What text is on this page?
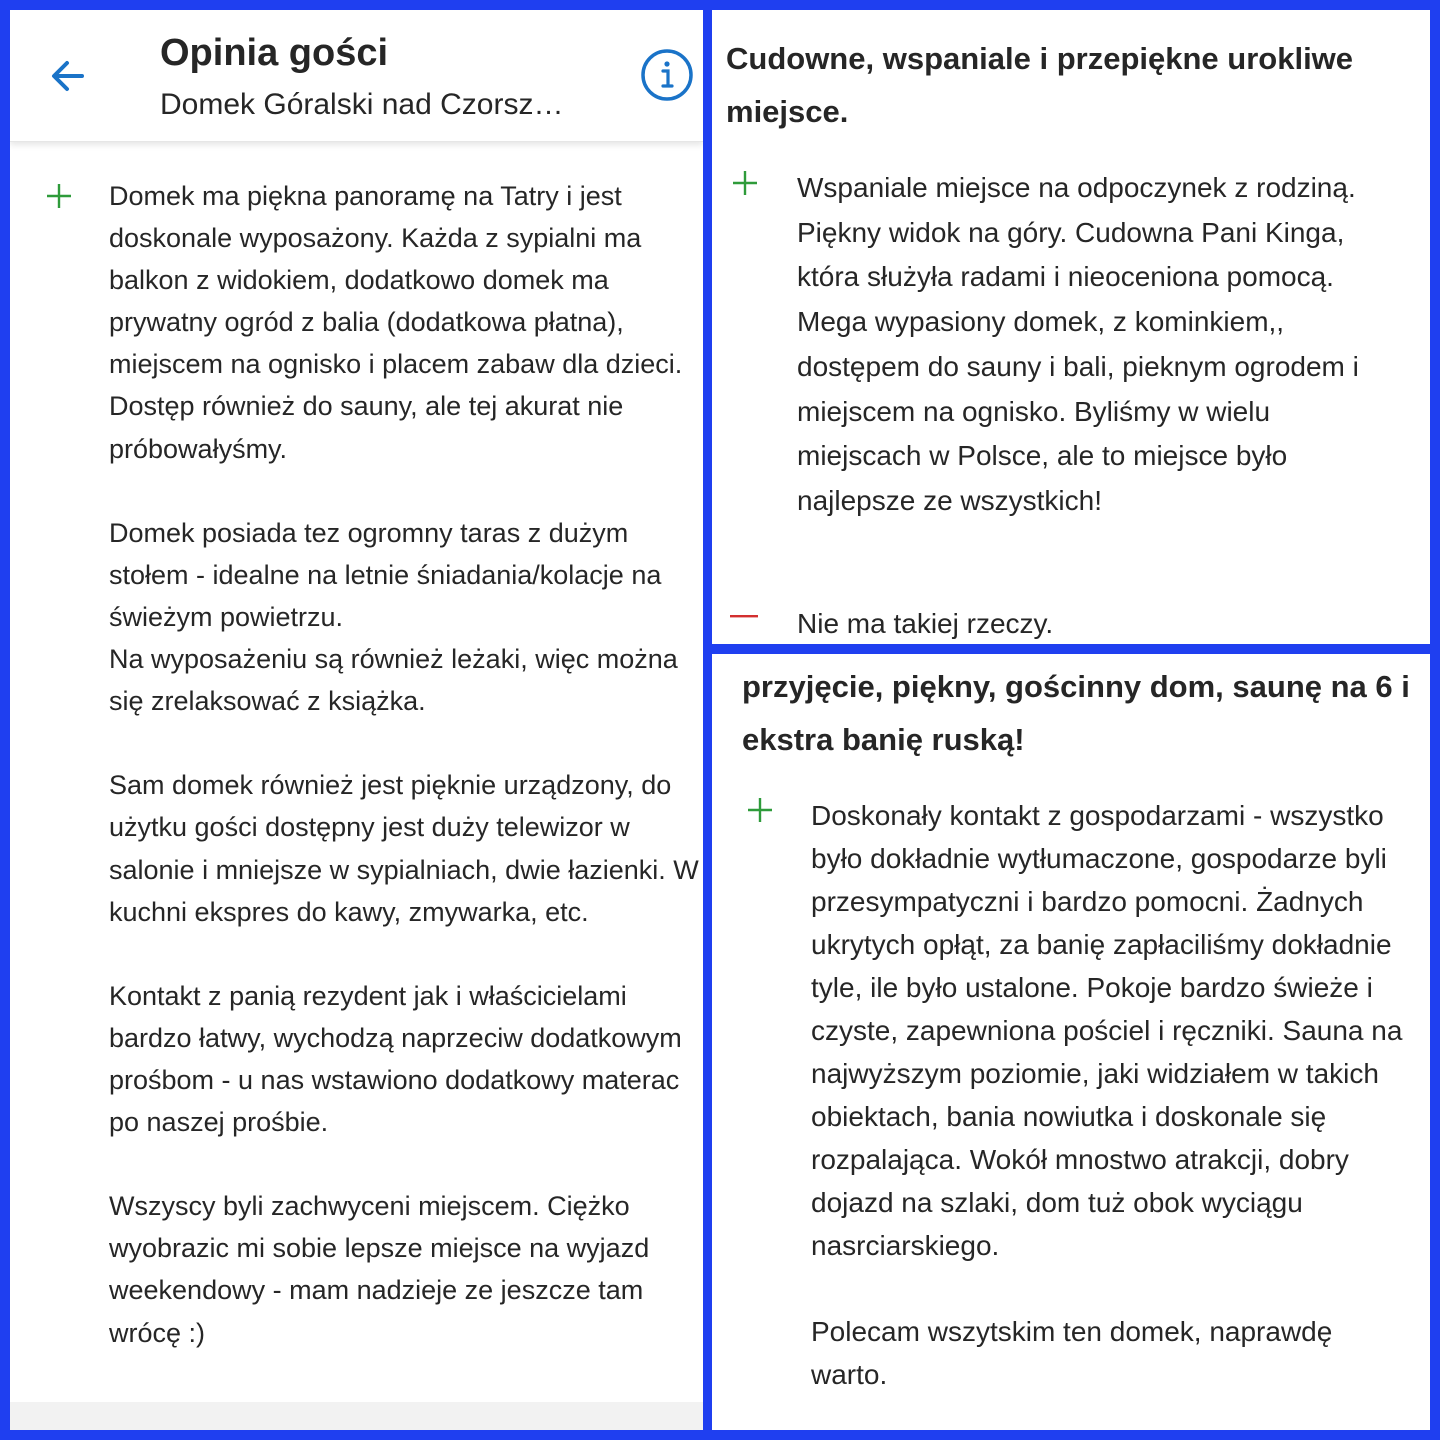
Opinia gości
Domek Góralski nad Czorsz…
Domek ma piękna panoramę na Tatry i jest doskonale wyposażony. Każda z sypialni ma balkon z widokiem, dodatkowo domek ma prywatny ogród z balia (dodatkowa płatna), miejscem na ognisko i placem zabaw dla dzieci. Dostęp również do sauny, ale tej akurat nie próbowałyśmy.

Domek posiada tez ogromny taras z dużym stołem - idealne na letnie śniadania/kolacje na świeżym powietrzu.
Na wyposażeniu są również leżaki, więc można się zrelaksować z książka.

Sam domek również jest pięknie urządzony, do użytku gości dostępny jest duży telewizor w salonie i mniejsze w sypialniach, dwie łazienki. W kuchni ekspres do kawy, zmywarka, etc.

Kontakt z panią rezydent jak i właścicielami bardzo łatwy, wychodzą naprzeciw dodatkowym prośbom - u nas wstawiono dodatkowy materac po naszej prośbie.

Wszyscy byli zachwyceni miejscem. Ciężko wyobrazic mi sobie lepsze miejsce na wyjazd weekendowy - mam nadzieje ze jeszcze tam wrócę :)
Cudowne, wspaniale i przepiękne urokliwe miejsce.
Wspaniale miejsce na odpoczynek z rodziną. Piękny widok na góry. Cudowna Pani Kinga, która służyła radami i nieoceniona pomocą. Mega wypasiony domek, z kominkiem,, dostępem do sauny i bali, pieknym ogrodem i miejscem na ognisko. Byliśmy w wielu miejscach w Polsce, ale to miejsce było najlepsze ze wszystkich!
Nie ma takiej rzeczy.
przyjęcie, piękny, gościnny dom, saunę na 6 i ekstra banię ruską!
Doskonały kontakt z gospodarzami - wszystko było dokładnie wytłumaczone, gospodarze byli przesympatyczni i bardzo pomocni. Żadnych ukrytych opłąt, za banię zapłaciliśmy dokładnie tyle, ile było ustalone. Pokoje bardzo świeże i czyste, zapewniona pościel i ręczniki. Sauna na najwyższym poziomie, jaki widziałem w takich obiektach, bania nowiutka i doskonale się rozpalająca. Wokół mnostwo atrakcji, dobry dojazd na szlaki, dom tuż obok wyciągu nasrciarskiego.

Polecam wszytskim ten domek, naprawdę warto.
